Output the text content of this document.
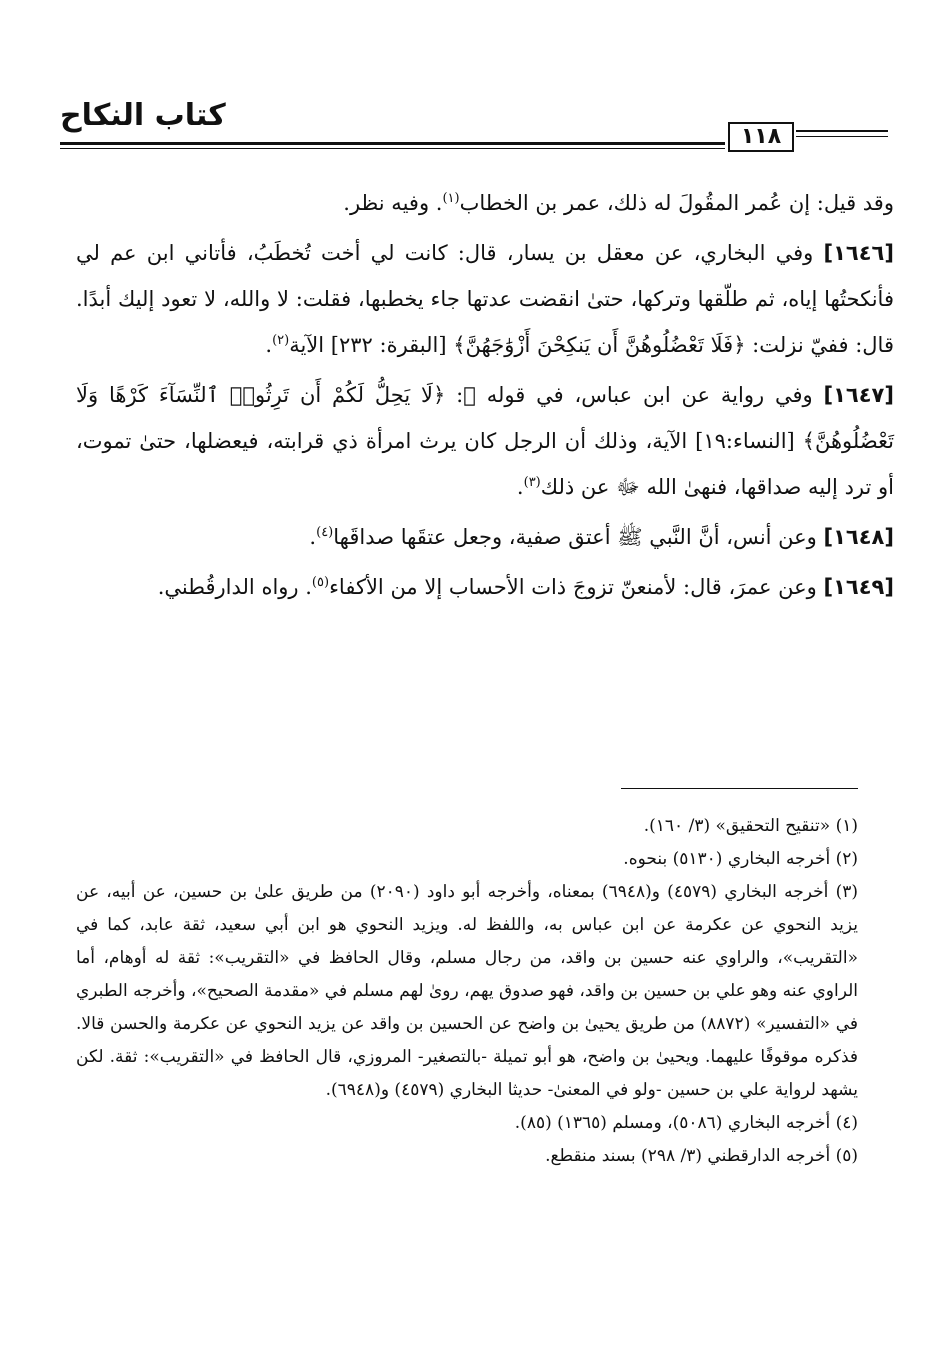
كتاب النكاح
١١٨

وقد قيل: إن عُمر المقُولَ له ذلك، عمر بن الخطاب$^{(١)}$. وفيه نظر.

[١٦٤٦] وفي البخاري، عن معقل بن يسار، قال: كانت لي أخت تُخطَبُ، فأتاني ابن عم لي فأنكحتُها إياه، ثم طلّقها وتركها، حتىٰ انقضت عدتها جاء يخطبها، فقلت: لا والله، لا تعود إليك أبدًا. قال: ففيّ نزلت: ﴿فَلَا تَعْضُلُوهُنَّ أَن يَنكِحْنَ أَزْوَٰجَهُنَّ﴾ [البقرة: ٢٣٢] الآية$^{(٢)}$.

[١٦٤٧] وفي رواية عن ابن عباس، في قوله ﷻ: ﴿لَا يَحِلُّ لَكُمْ أَن تَرِثُوا۟ ٱلنِّسَآءَ كَرْهًا وَلَا تَعْضُلُوهُنَّ﴾ [النساء:١٩] الآية، وذلك أن الرجل كان يرث امرأة ذي قرابته، فيعضلها، حتىٰ تموت، أو ترد إليه صداقها، فنهىٰ الله ﷻ عن ذلك$^{(٣)}$.

[١٦٤٨] وعن أنس، أنَّ النَّبي ﷺ أعتق صفية، وجعل عتقَها صداقَها$^{(٤)}$.

[١٦٤٩] وعن عمرَ، قال: لأمنعنّ تزوجَ ذات الأحساب إلا من الأكفاء$^{(٥)}$. رواه الدارقُطني.

(١) «تنقيح التحقيق» (٣/ ١٦٠).

(٢) أخرجه البخاري (٥١٣٠) بنحوه.

(٣) أخرجه البخاري (٤٥٧٩) و(٦٩٤٨) بمعناه، وأخرجه أبو داود (٢٠٩٠) من طريق علىٰ بن حسين، عن أبيه، عن يزيد النحوي عن عكرمة عن ابن عباس به، واللفظ له. ويزيد النحوي هو ابن أبي سعيد، ثقة عابد، كما في «التقريب»، والراوي عنه حسين بن واقد، من رجال مسلم، وقال الحافظ في «التقريب»: ثقة له أوهام، أما الراوي عنه وهو علي بن حسين بن واقد، فهو صدوق يهم، روىٰ لهم مسلم في «مقدمة الصحيح»، وأخرجه الطبري في «التفسير» (٨٨٧٢) من طريق يحيىٰ بن واضح عن الحسين بن واقد عن يزيد النحوي عن عكرمة والحسن قالا. فذكره موقوفًا عليهما. ويحيىٰ بن واضح، هو أبو تميلة -بالتصغير- المروزي، قال الحافظ في «التقريب»: ثقة. لكن يشهد لرواية علي بن حسين -ولو في المعنىٰ- حديثا البخاري (٤٥٧٩) و(٦٩٤٨).

(٤) أخرجه البخاري (٥٠٨٦)، ومسلم (١٣٦٥) (٨٥).

(٥) أخرجه الدارقطني (٣/ ٢٩٨) بسند منقطع.
